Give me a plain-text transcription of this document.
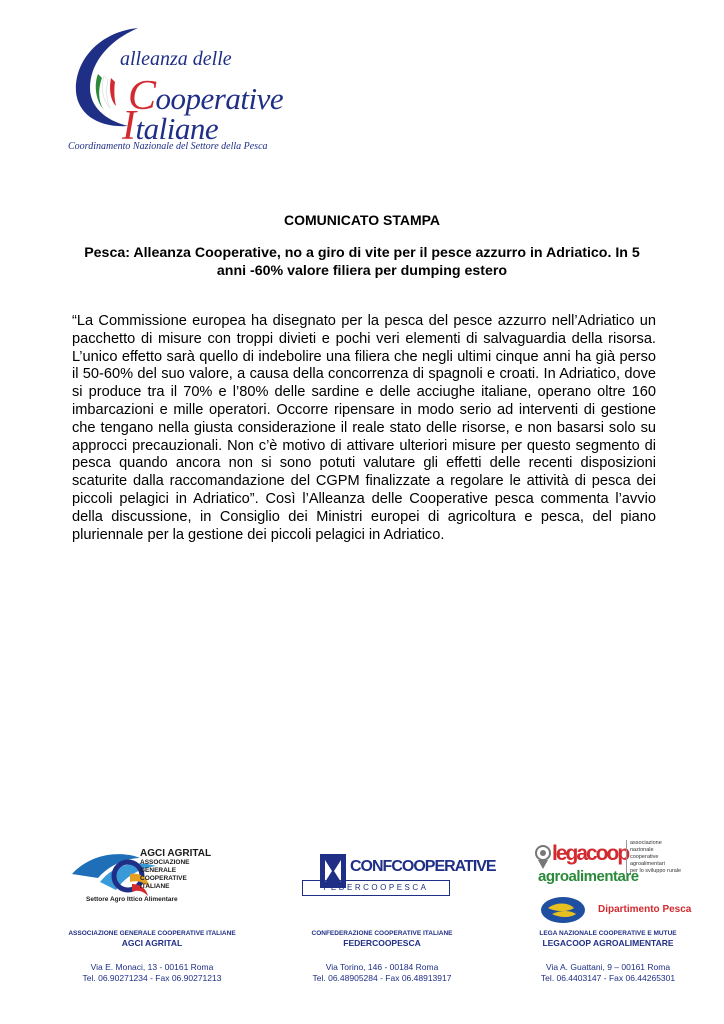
alleanza delle
Cooperative
Italiane
Coordinamento Nazionale del Settore della Pesca
COMUNICATO STAMPA
Pesca: Alleanza Cooperative, no a giro di vite per il pesce azzurro in Adriatico. In 5 anni -60% valore filiera per dumping estero
“La Commissione europea ha disegnato per la pesca del pesce azzurro nell’Adriatico un pacchetto di misure con troppi divieti e pochi veri elementi di salvaguardia della risorsa. L’unico effetto sarà quello di indebolire una filiera che negli ultimi cinque anni ha già perso il 50-60% del suo valore, a causa della concorrenza di spagnoli e croati. In Adriatico, dove si produce tra il 70% e l’80% delle sardine e delle acciughe italiane, operano oltre 160 imbarcazioni e mille operatori. Occorre ripensare in modo serio ad interventi di gestione che tengano nella giusta considerazione il reale stato delle risorse, e non basarsi solo su approcci precauzionali. Non c’è motivo di attivare ulteriori misure per questo segmento di pesca quando ancora non si sono potuti valutare gli effetti delle recenti disposizioni scaturite dalla raccomandazione del CGPM finalizzate a regolare le attività di pesca dei piccoli pelagici in Adriatico”. Così l’Alleanza delle Cooperative pesca commenta l’avvio della discussione, in Consiglio dei Ministri europei di agricoltura e pesca, del piano pluriennale per la gestione dei piccoli pelagici in Adriatico.
AGCI AGRITAL
ASSOCIAZIONE
GENERALE
COOPERATIVE
ITALIANE
Settore Agro Ittico Alimentare
ASSOCIAZIONE GENERALE COOPERATIVE ITALIANE
AGCI AGRITAL
Via E. Monaci, 13 - 00161 Roma
Tel. 06.90271234 - Fax 06.90271213
CONFCOOPERATIVE
FEDERCOOPESCA
CONFEDERAZIONE COOPERATIVE ITALIANE
FEDERCOOPESCA
Via Torino, 146 - 00184 Roma
Tel. 06.48905284 - Fax 06.48913917
legacoop
agroalimentare
associazione
nazionale
cooperative
agroalimentari
per lo sviluppo rurale
Dipartimento Pesca
LEGA NAZIONALE COOPERATIVE E MUTUE
LEGACOOP AGROALIMENTARE
Via A. Guattani, 9 – 00161 Roma
Tel. 06.4403147 - Fax 06.44265301
